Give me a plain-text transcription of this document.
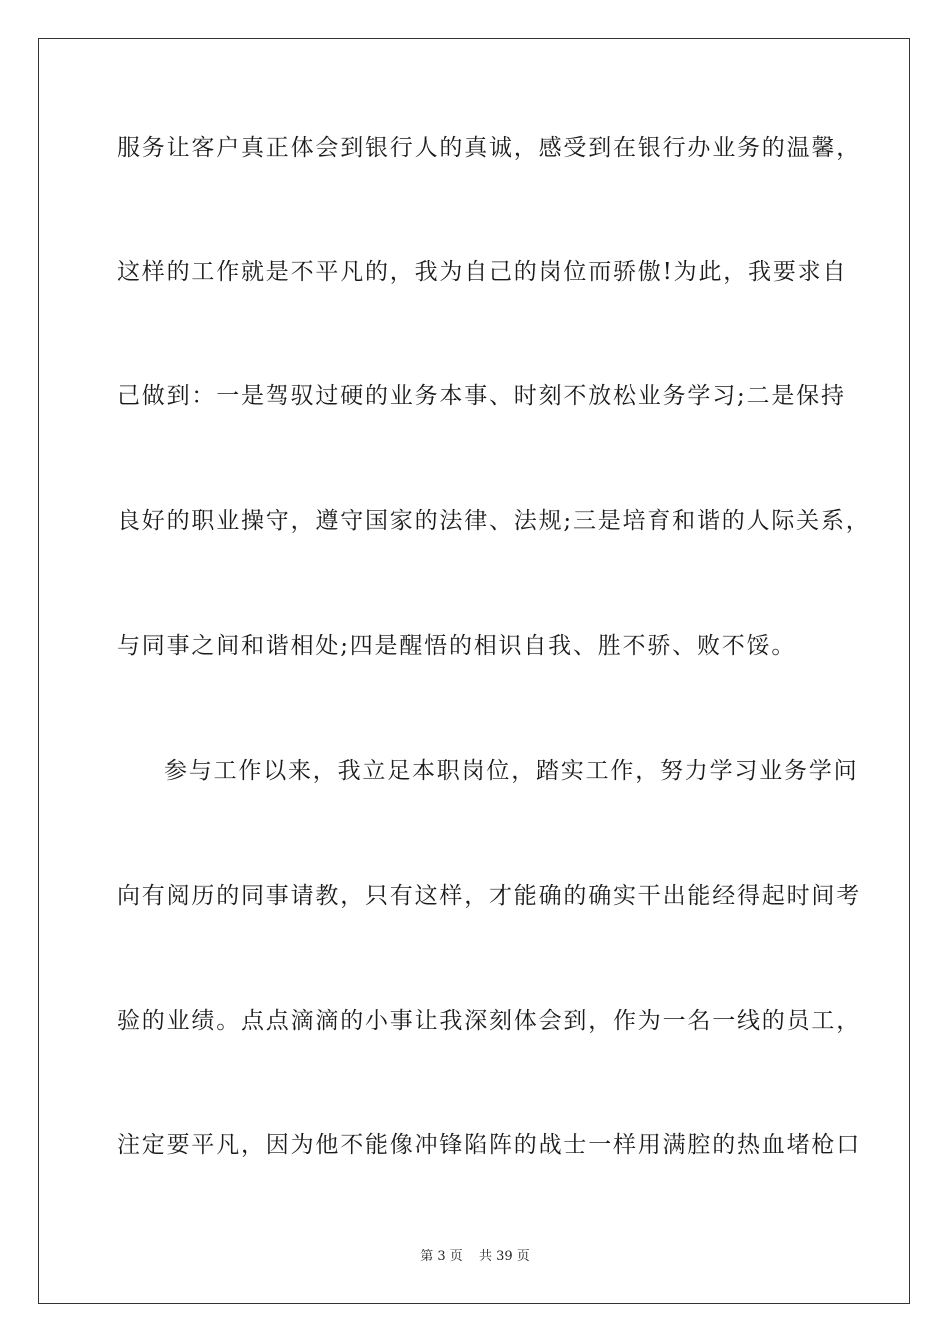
服务让客户真正体会到银行人的真诚，感受到在银行办业务的温馨，
这样的工作就是不平凡的，我为自己的岗位而骄傲!为此，我要求自
己做到：一是驾驭过硬的业务本事、时刻不放松业务学习;二是保持
良好的职业操守，遵守国家的法律、法规;三是培育和谐的人际关系，
与同事之间和谐相处;四是醒悟的相识自我、胜不骄、败不馁。
参与工作以来，我立足本职岗位，踏实工作，努力学习业务学问
向有阅历的同事请教，只有这样，才能确的确实干出能经得起时间考
验的业绩。点点滴滴的小事让我深刻体会到，作为一名一线的员工，
注定要平凡，因为他不能像冲锋陷阵的战士一样用满腔的热血堵枪口
第 3 页 共 39 页
